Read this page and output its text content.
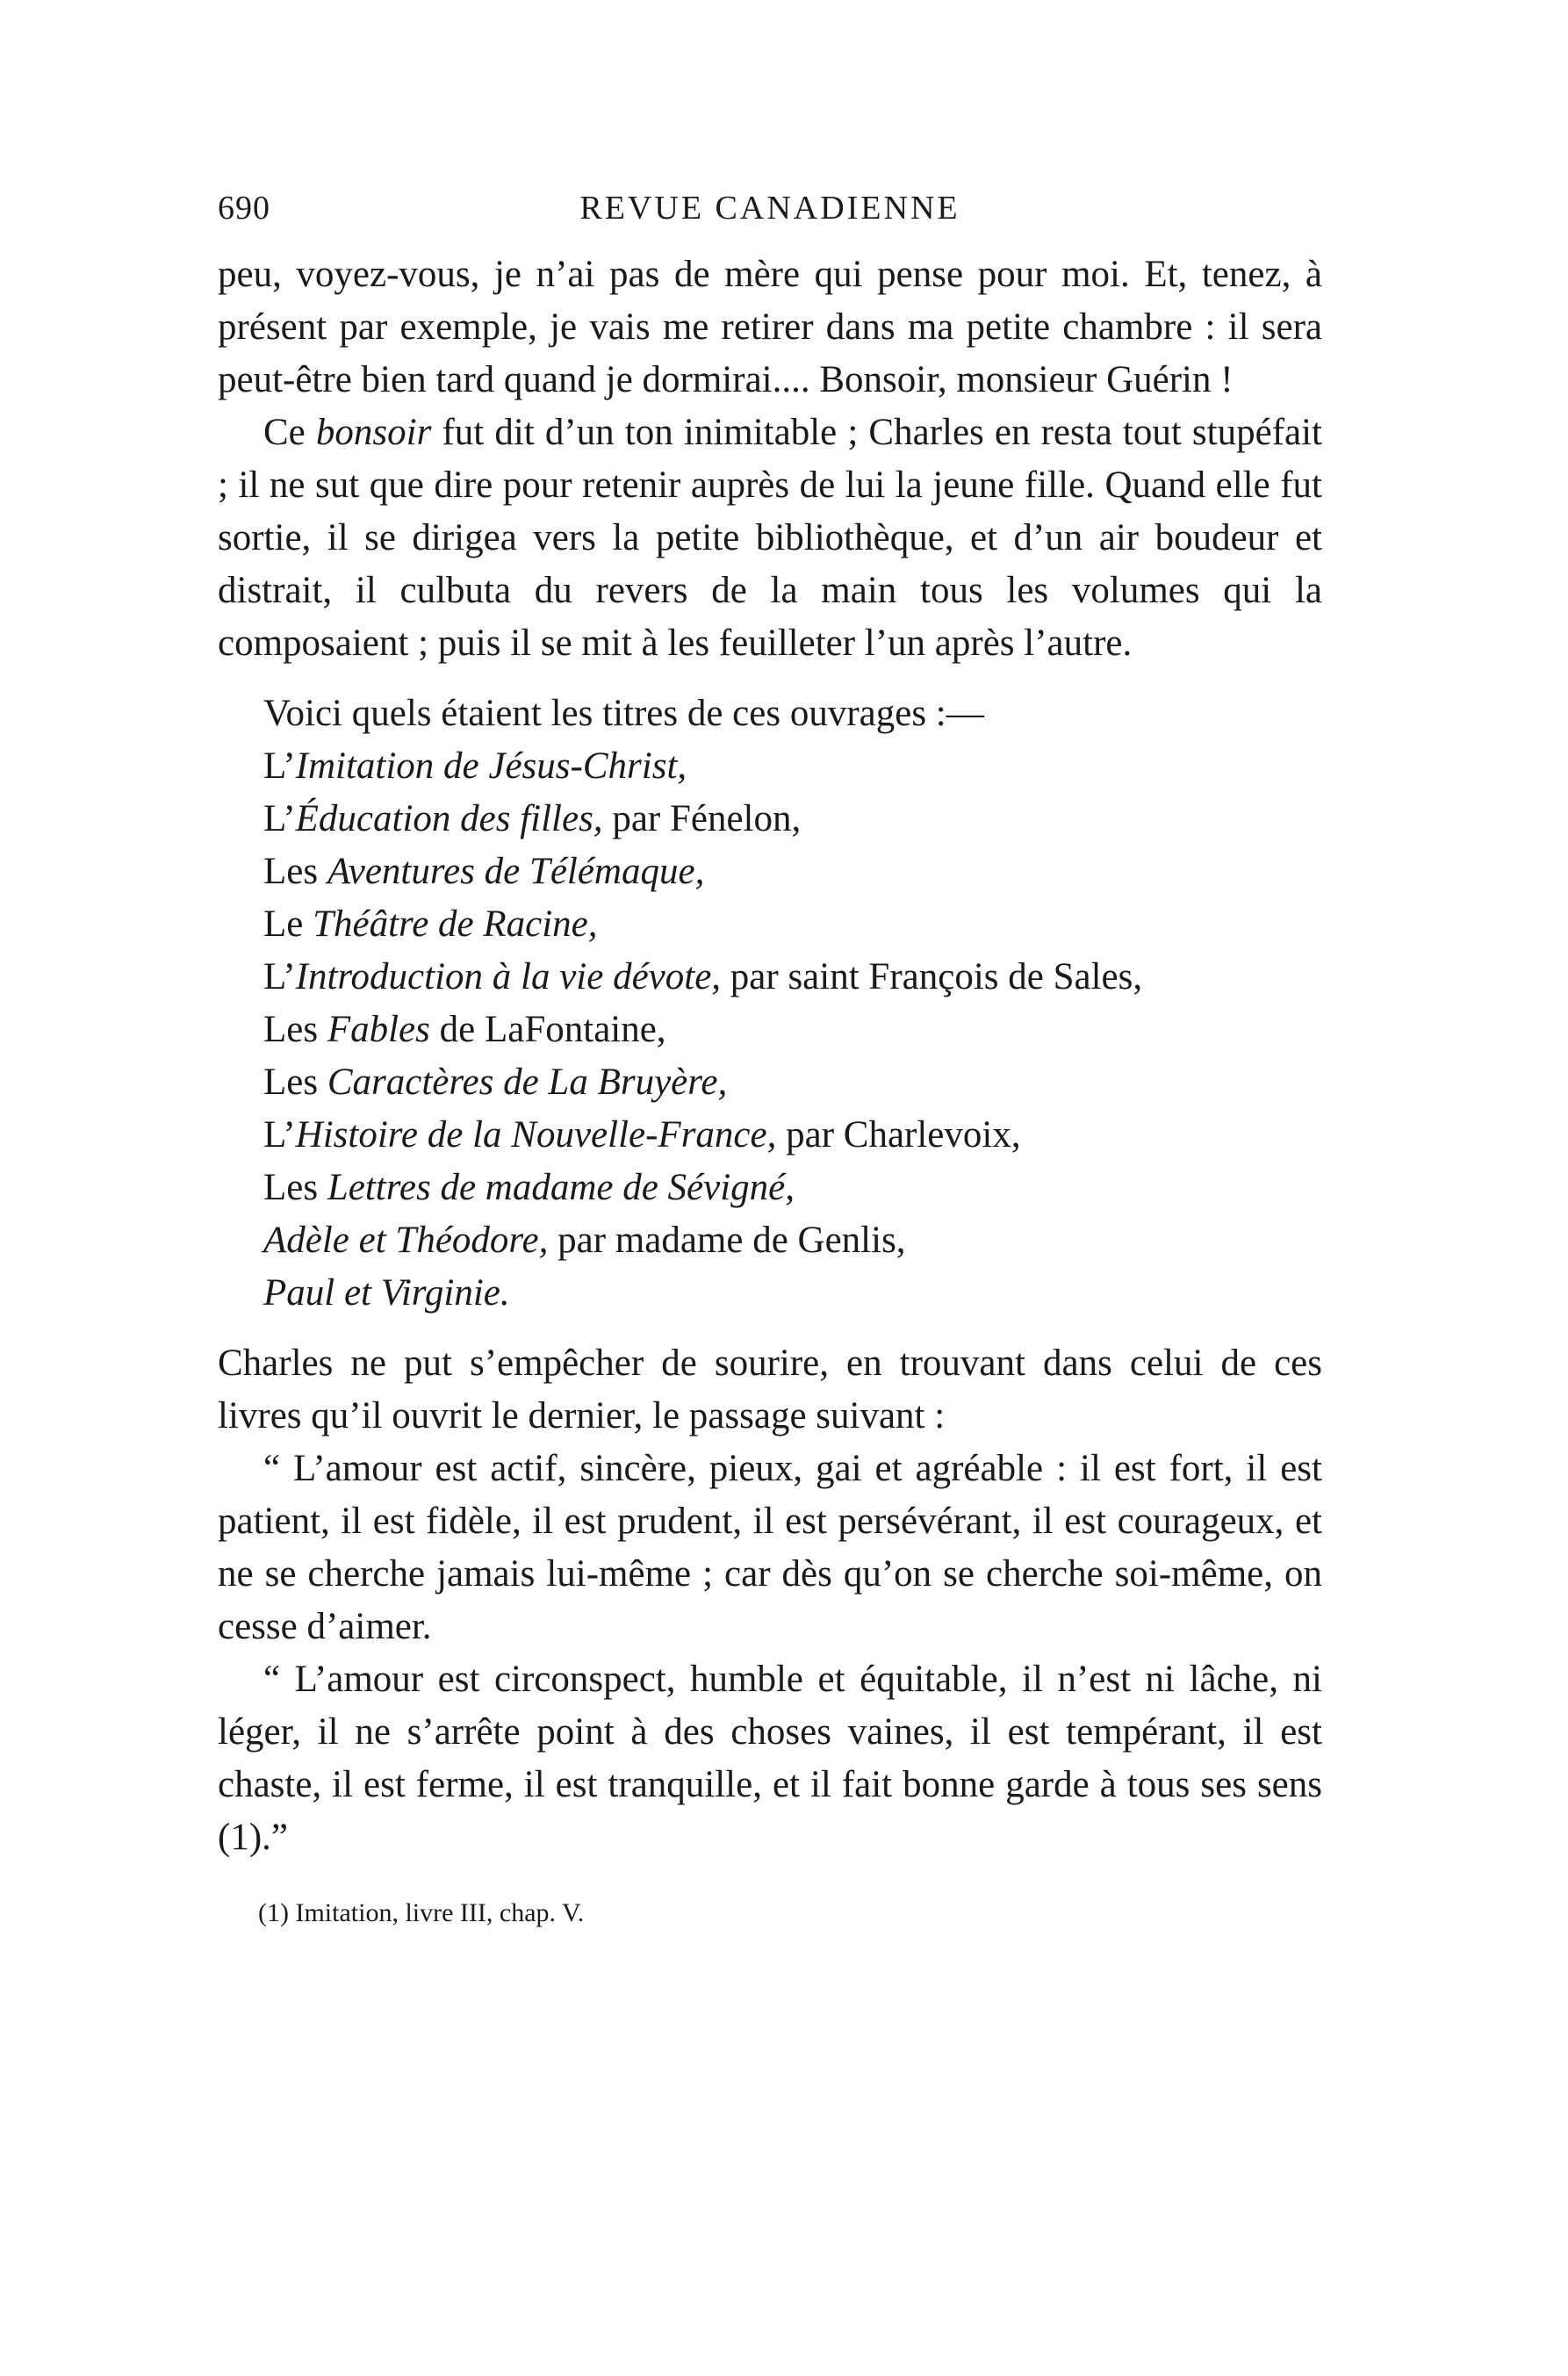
690	REVUE CANADIENNE

peu, voyez-vous, je n’ai pas de mère qui pense pour moi. Et, tenez, à présent par exemple, je vais me retirer dans ma petite chambre : il sera peut-être bien tard quand je dormirai.... Bonsoir, monsieur Guérin !

Ce bonsoir fut dit d’un ton inimitable ; Charles en resta tout stupéfait ; il ne sut que dire pour retenir auprès de lui la jeune fille. Quand elle fut sortie, il se dirigea vers la petite bibliothèque, et d’un air boudeur et distrait, il culbuta du revers de la main tous les volumes qui la composaient ; puis il se mit à les feuilleter l’un après l’autre.

Voici quels étaient les titres de ces ouvrages :—

L’Imitation de Jésus-Christ,
L’Éducation des filles, par Fénelon,
Les Aventures de Télémaque,
Le Théâtre de Racine,
L’Introduction à la vie dévote, par saint François de Sales,
Les Fables de LaFontaine,
Les Caractères de La Bruyère,
L’Histoire de la Nouvelle-France, par Charlevoix,
Les Lettres de madame de Sévigné,
Adèle et Théodore, par madame de Genlis,
Paul et Virginie.

Charles ne put s’empêcher de sourire, en trouvant dans celui de ces livres qu’il ouvrit le dernier, le passage suivant :

“ L’amour est actif, sincère, pieux, gai et agréable : il est fort, il est patient, il est fidèle, il est prudent, il est persévérant, il est courageux, et ne se cherche jamais lui-même ; car dès qu’on se cherche soi-même, on cesse d’aimer.

“ L’amour est circonspect, humble et équitable, il n’est ni lâche, ni léger, il ne s’arrête point à des choses vaines, il est tempérant, il est chaste, il est ferme, il est tranquille, et il fait bonne garde à tous ses sens (1).”

(1) Imitation, livre III, chap. V.
